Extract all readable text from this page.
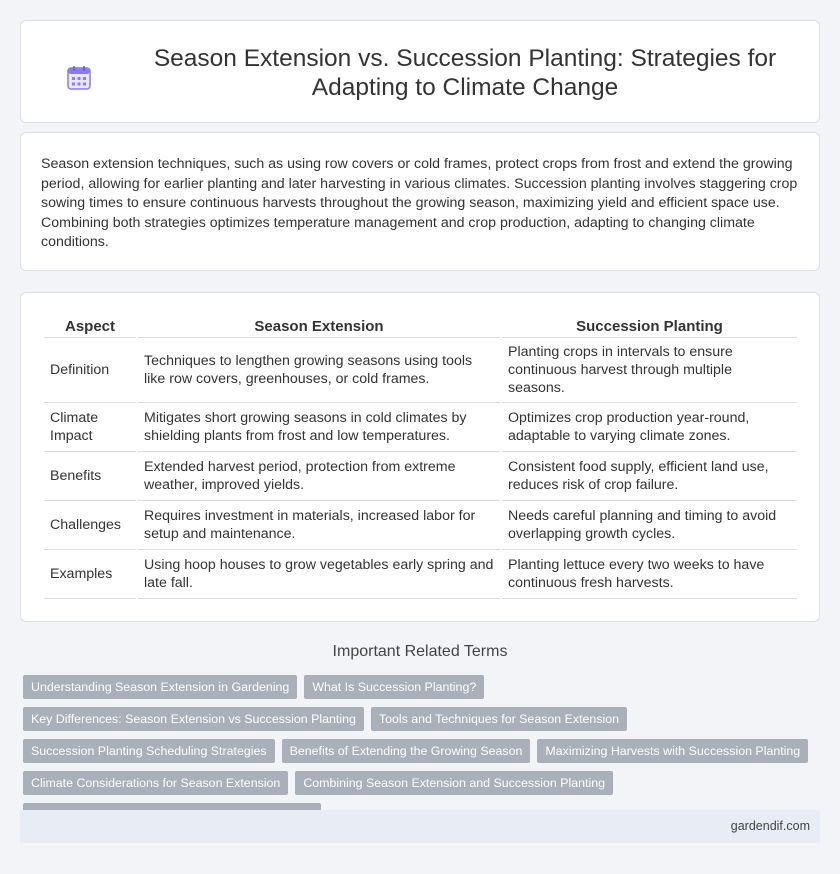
Season Extension vs. Succession Planting: Strategies for Adapting to Climate Change

Season extension techniques, such as using row covers or cold frames, protect crops from frost and extend the growing period, allowing for earlier planting and later harvesting in various climates. Succession planting involves staggering crop sowing times to ensure continuous harvests throughout the growing season, maximizing yield and efficient space use. Combining both strategies optimizes temperature management and crop production, adapting to changing climate conditions.

Aspect	Season Extension	Succession Planting
Definition	Techniques to lengthen growing seasons using tools like row covers, greenhouses, or cold frames.	Planting crops in intervals to ensure continuous harvest through multiple seasons.
Climate Impact	Mitigates short growing seasons in cold climates by shielding plants from frost and low temperatures.	Optimizes crop production year-round, adaptable to varying climate zones.
Benefits	Extended harvest period, protection from extreme weather, improved yields.	Consistent food supply, efficient land use, reduces risk of crop failure.
Challenges	Requires investment in materials, increased labor for setup and maintenance.	Needs careful planning and timing to avoid overlapping growth cycles.
Examples	Using hoop houses to grow vegetables early spring and late fall.	Planting lettuce every two weeks to have continuous fresh harvests.
Important Related Terms
Understanding Season Extension in Gardening	What Is Succession Planting?
Key Differences: Season Extension vs Succession Planting	Tools and Techniques for Season Extension
Succession Planting Scheduling Strategies	Benefits of Extending the Growing Season	Maximizing Harvests with Succession Planting
Climate Considerations for Season Extension	Combining Season Extension and Succession Planting
gardendif.com
